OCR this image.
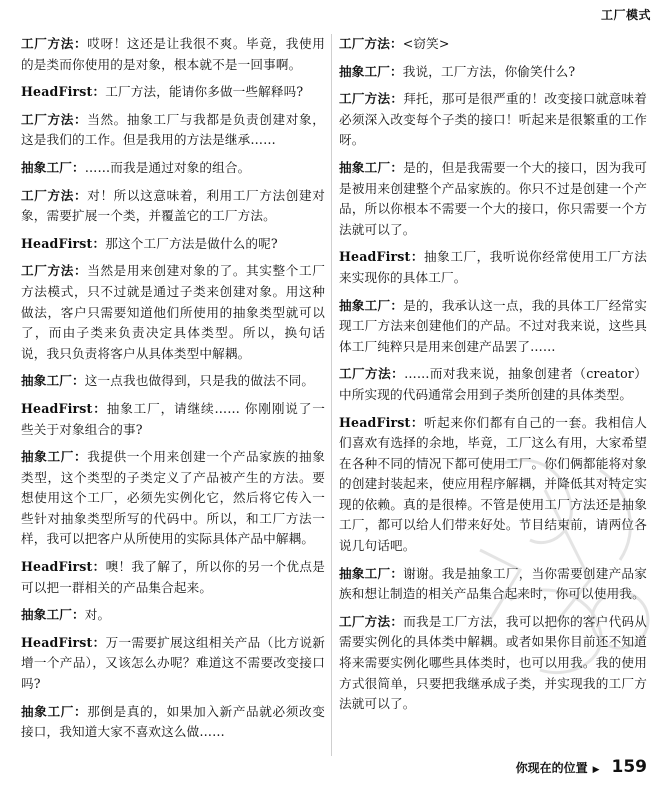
工厂模式

工厂方法：哎呀！这还是让我很不爽。毕竟，我使用的是类而你使用的是对象，根本就不是一回事啊。

HeadFirst：工厂方法，能请你多做一些解释吗?

工厂方法：当然。抽象工厂与我都是负责创建对象，这是我们的工作。但是我用的方法是继承……

抽象工厂：……而我是通过对象的组合。

工厂方法：对！所以这意味着，利用工厂方法创建对象，需要扩展一个类，并覆盖它的工厂方法。

HeadFirst：那这个工厂方法是做什么的呢?

工厂方法：当然是用来创建对象的了。其实整个工厂方法模式，只不过就是通过子类来创建对象。用这种做法，客户只需要知道他们所使用的抽象类型就可以了，而由子类来负责决定具体类型。所以，换句话说，我只负责将客户从具体类型中解耦。

抽象工厂：这一点我也做得到，只是我的做法不同。

HeadFirst：抽象工厂，请继续…… 你刚刚说了一些关于对象组合的事?

抽象工厂：我提供一个用来创建一个产品家族的抽象类型，这个类型的子类定义了产品被产生的方法。要想使用这个工厂，必须先实例化它，然后将它传入一些针对抽象类型所写的代码中。所以，和工厂方法一样，我可以把客户从所使用的实际具体产品中解耦。

HeadFirst：噢！我了解了，所以你的另一个优点是可以把一群相关的产品集合起来。

抽象工厂：对。

HeadFirst：万一需要扩展这组相关产品（比方说新增一个产品），又该怎么办呢？难道这不需要改变接口吗?

抽象工厂：那倒是真的，如果加入新产品就必须改变接口，我知道大家不喜欢这么做……

工厂方法：<窃笑>

抽象工厂：我说，工厂方法，你偷笑什么?

工厂方法：拜托，那可是很严重的！改变接口就意味着必须深入改变每个子类的接口！听起来是很繁重的工作呀。

抽象工厂：是的，但是我需要一个大的接口，因为我可是被用来创建整个产品家族的。你只不过是创建一个产品，所以你根本不需要一个大的接口，你只需要一个方法就可以了。

HeadFirst：抽象工厂，我听说你经常使用工厂方法来实现你的具体工厂。

抽象工厂：是的，我承认这一点，我的具体工厂经常实现工厂方法来创建他们的产品。不过对我来说，这些具体工厂纯粹只是用来创建产品罢了……

工厂方法：……而对我来说，抽象创建者（creator）中所实现的代码通常会用到子类所创建的具体类型。

HeadFirst：听起来你们都有自己的一套。我相信人们喜欢有选择的余地，毕竟，工厂这么有用，大家希望在各种不同的情况下都可使用工厂。你们俩都能将对象的创建封装起来，使应用程序解耦，并降低其对特定实现的依赖。真的是很棒。不管是使用工厂方法还是抽象工厂，都可以给人们带来好处。节目结束前，请两位各说几句话吧。

抽象工厂：谢谢。我是抽象工厂，当你需要创建产品家族和想让制造的相关产品集合起来时，你可以使用我。

工厂方法：而我是工厂方法，我可以把你的客户代码从需要实例化的具体类中解耦。或者如果你目前还不知道将来需要实例化哪些具体类时，也可以用我。我的使用方式很简单，只要把我继承成子类，并实现我的工厂方法就可以了。

你现在的位置 ▶ 159
